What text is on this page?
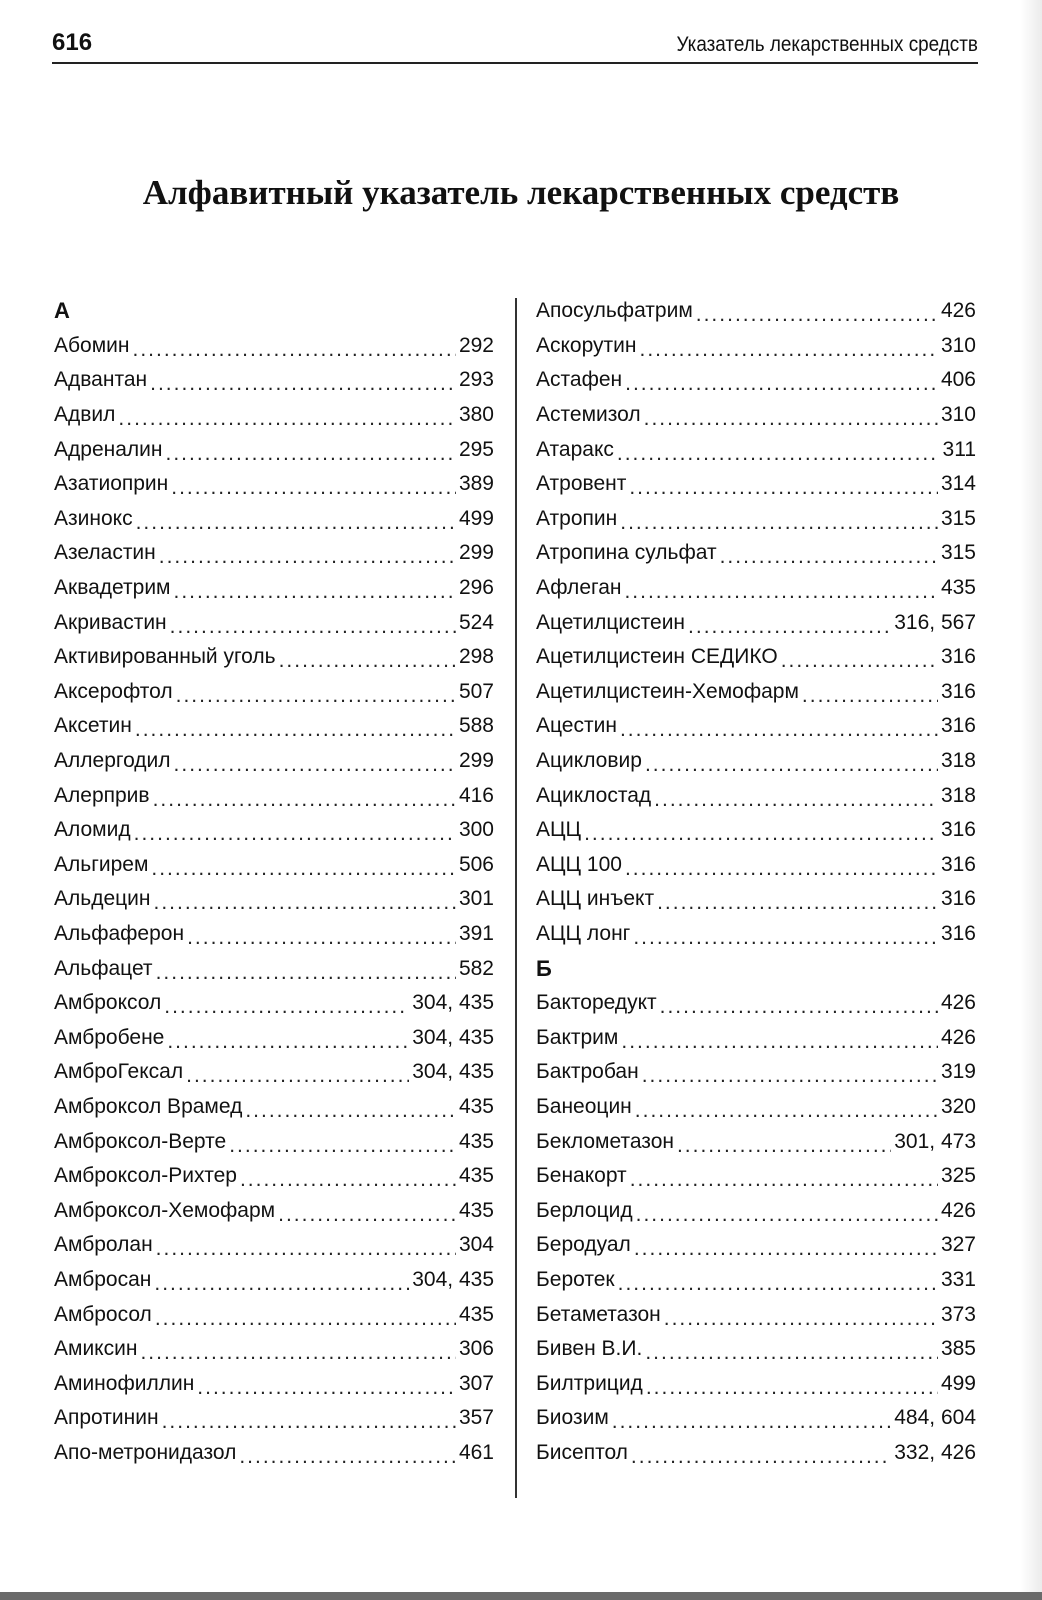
616	Указатель лекарственных средств
Алфавитный указатель лекарственных средств
А
Абомин .....	292
Адвантан .....	293
Адвил .....	380
Адреналин .....	295
Азатиоприн .....	389
Азинокс .....	499
Азеластин .....	299
Аквадетрим .....	296
Акривастин .....	524
Активированный уголь .....	298
Аксерофтол .....	507
Аксетин .....	588
Аллергодил .....	299
Алерприв .....	416
Аломид .....	300
Альгирем .....	506
Альдецин .....	301
Альфаферон .....	391
Альфацет .....	582
Амброксол .....	304, 435
Амбробене .....	304, 435
АмброГексал .....	304, 435
Амброксол Врамед .....	435
Амброксол-Верте .....	435
Амброксол-Рихтер .....	435
Амброксол-Хемофарм .....	435
Амбролан .....	304
Амбросан .....	304, 435
Амбросол .....	435
Амиксин .....	306
Аминофиллин .....	307
Апротинин .....	357
Апо-метронидазол .....	461
Апосульфатрим .....	426
Аскорутин .....	310
Астафен .....	406
Астемизол .....	310
Атаракс .....	311
Атровент .....	314
Атропин .....	315
Атропина сульфат .....	315
Афлеган .....	435
Ацетилцистеин .....	316, 567
Ацетилцистеин СЕДИКО .....	316
Ацетилцистеин-Хемофарм .....	316
Ацестин .....	316
Ацикловир .....	318
Ациклостад .....	318
АЦЦ .....	316
АЦЦ 100 .....	316
АЦЦ инъект .....	316
АЦЦ лонг .....	316
Б
Бакторедукт .....	426
Бактрим .....	426
Бактробан .....	319
Банеоцин .....	320
Беклометазон .....	301, 473
Бенакорт .....	325
Берлоцид .....	426
Беродуал .....	327
Беротек .....	331
Бетаметазон .....	373
Бивен В.И. .....	385
Билтрицид .....	499
Биозим .....	484, 604
Бисептол .....	332, 426
